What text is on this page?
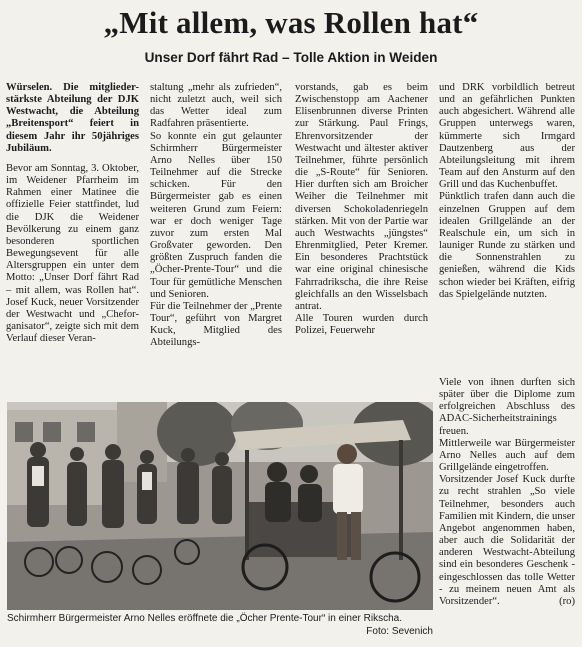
„Mit allem, was Rollen hat“
Unser Dorf fährt Rad – Tolle Aktion in Weiden

Würselen. Die mitglieder-stärkste Abteilung der DJK Westwacht, die Abteilung „Breitensport“ feiert in diesem Jahr ihr 50jähriges Jubiläum.

Bevor am Sonntag, 3. Oktober, im Weidener Pfarrheim im Rahmen einer Matinee die offizielle Feier stattfindet, lud die DJK die Weidener Bevölkerung zu einem ganz besonderen sportlichen Bewegungsevent für alle Altersgruppen ein unter dem Motto: „Unser Dorf fährt Rad – mit allem, was Rollen hat“. Josef Kuck, neuer Vorsitzender der Westwacht und „Chefor-ganisator“, zeigte sich mit dem Verlauf dieser Veran-

staltung „mehr als zufrieden“, nicht zuletzt auch, weil sich das Wetter ideal zum Radfahren präsentierte.

So konnte ein gut gelaunter Schirmherr Bürgermeister Arno Nelles über 150 Teilnehmer auf die Strecke schicken. Für den Bürgermeister gab es einen weiteren Grund zum Feiern: war er doch weniger Tage zuvor zum ersten Mal Großvater geworden. Den größten Zuspruch fanden die „Öcher-Prente-Tour“ und die Tour für gemütliche Menschen und Senioren.

Für die Teilnehmer der „Prente Tour“, geführt von Margret Kuck, Mitglied des Abteilungs-

vorstands, gab es beim Zwischenstopp am Aachener Elisenbrunnen diverse Printen zur Stärkung. Paul Frings, Ehrenvorsitzender der Westwacht und ältester aktiver Teilnehmer, führte persönlich die „S-Route“ für Senioren. Hier durften sich am Broicher Weiher die Teilnehmer mit diversen Schokoladenriegeln stärken. Mit von der Partie war auch Westwachts „jüngstes“ Ehrenmitglied, Peter Kremer. Ein besonderes Prachtstück war eine original chinesische Fahrradrikscha, die ihre Reise gleichfalls an den Wisselsbach antrat.

Alle Touren wurden durch Polizei, Feuerwehr

und DRK vorbildlich betreut und an gefährlichen Punkten auch abgesichert. Während alle Gruppen unterwegs waren, kümmerte sich Irmgard Dautzenberg aus der Abteilungsleitung mit ihrem Team auf den Ansturm auf den Grill und das Kuchenbuffet.

Pünktlich trafen dann auch die einzelnen Gruppen auf dem idealen Grillgelände an der Realschule ein, um sich in launiger Runde zu stärken und die Sonnenstrahlen zu genießen, während die Kids schon wieder bei Kräften, eifrig das Spielgelände nutzten.

Viele von ihnen durften sich später über die Diplome zum erfolgreichen Abschluss des ADAC-Sicherheitstrainings freuen.

Mittlerweile war Bürgermeister Arno Nelles auch auf dem Grillgelände eingetroffen.

Vorsitzender Josef Kuck durfte zu recht strahlen „So viele Teilnehmer, besonders auch Familien mit Kindern, die unser Angebot angenommen haben, aber auch die Solidarität der anderen Westwacht-Abteilung sind ein besonderes Geschenk - eingeschlossen das tolle Wetter - zu meinem neuen Amt als Vorsitzender“.	(ro)

Schirmherr Bürgermeister Arno Nelles eröffnete die „Öcher Prente-Tour“ in einer Rikscha.
Foto: Sevenich
